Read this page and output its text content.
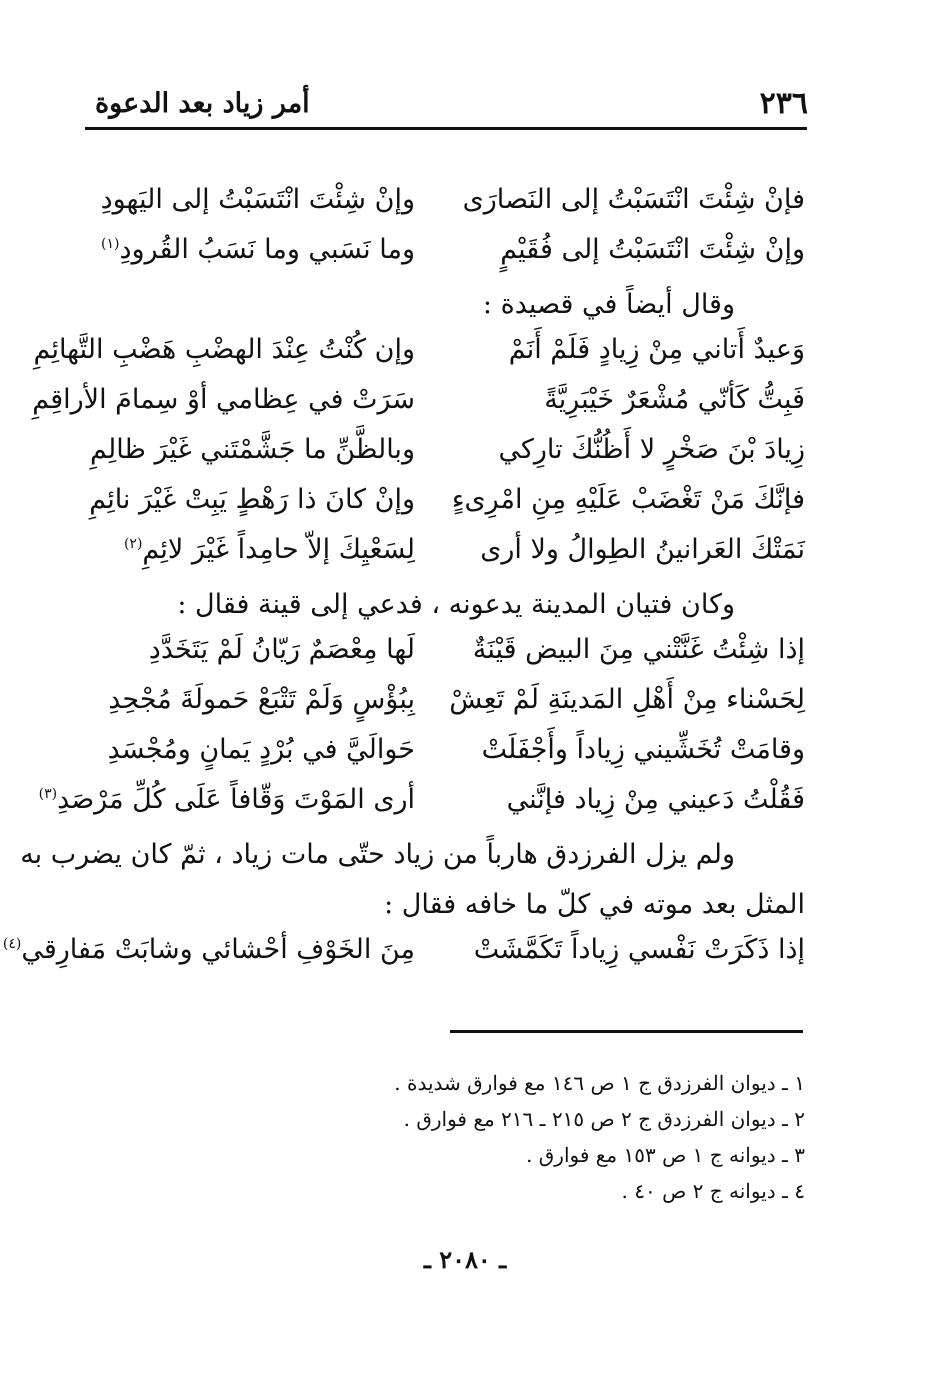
٢٣٦
أمر زياد بعد الدعوة
فإنْ شِئْتَ انْتَسَبْتُ إلى النَصارَى
وإنْ شِئْتَ انْتَسَبْتُ إلى اليَهودِ
وإنْ شِئْتَ انْتَسَبْتُ إلى فُقَيْمٍ
وما نَسَبي وما نَسَبُ القُرودِ$^{(١)}$
وقال أيضاً في قصيدة :
وَعيدٌ أَتاني مِنْ زِيادٍ فَلَمْ أَنَمْ
وإن كُنْتُ عِنْدَ الهضْبِ هَضْبِ التَّهائِمِ
فَبِتُّ كَأنّي مُشْعَرٌ خَيْبَرِيَّةً
سَرَتْ في عِظامي أوْ سِمامَ الأراقِمِ
زِيادَ بْنَ صَخْرٍ لا أَظُنُّكَ تارِكي
وبالظَّنِّ ما جَشَّمْتَني غَيْرَ ظالِمِ
فإنَّكَ مَنْ تَغْضَبْ عَلَيْهِ مِنِ امْرِىءٍ
وإنْ كانَ ذا رَهْطٍ يَبِتْ غَيْرَ نائِمِ
نَمَتْكَ العَرانينُ الطِوالُ ولا أرى
لِسَعْيِكَ إلاّ حامِداً غَيْرَ لائِمِ$^{(٢)}$
وكان فتيان المدينة يدعونه ، فدعي إلى قينة فقال :
إذا شِئْتُ غَنَّتْني مِنَ البيض قَيْنَةٌ
لَها مِعْصَمٌ رَيّانُ لَمْ يَتَخَدَّدِ
لِحَسْناء مِنْ أَهْلِ المَدينَةِ لَمْ تَعِشْ
بِبُؤْسٍ وَلَمْ تَتْبَعْ حَمولَةَ مُجْحِدِ
وقامَتْ تُخَشِّيني زِياداً وأَجْفَلَتْ
حَوالَيَّ في بُرْدٍ يَمانٍ ومُجْسَدِ
فَقُلْتُ دَعيني مِنْ زِياد فإنَّني
أرى المَوْتَ وَقّافاً عَلَى كُلِّ مَرْصَدِ$^{(٣)}$
ولم يزل الفرزدق هارباً من زياد حتّى مات زياد ، ثمّ كان يضرب به
المثل بعد موته في كلّ ما خافه فقال :
إذا ذَكَرَتْ نَفْسي زِياداً تَكَمَّشَتْ
مِنَ الخَوْفِ أحْشائي وشابَتْ مَفارِقي$^{(٤)}$
١ ـ ديوان الفرزدق ج ١ ص ١٤٦ مع فوارق شديدة .
٢ ـ ديوان الفرزدق ج ٢ ص ٢١٥ ـ ٢١٦ مع فوارق .
٣ ـ ديوانه ج ١ ص ١٥٣ مع فوارق .
٤ ـ ديوانه ج ٢ ص ٤٠ .
ـ ٢٠٨٠ ـ
